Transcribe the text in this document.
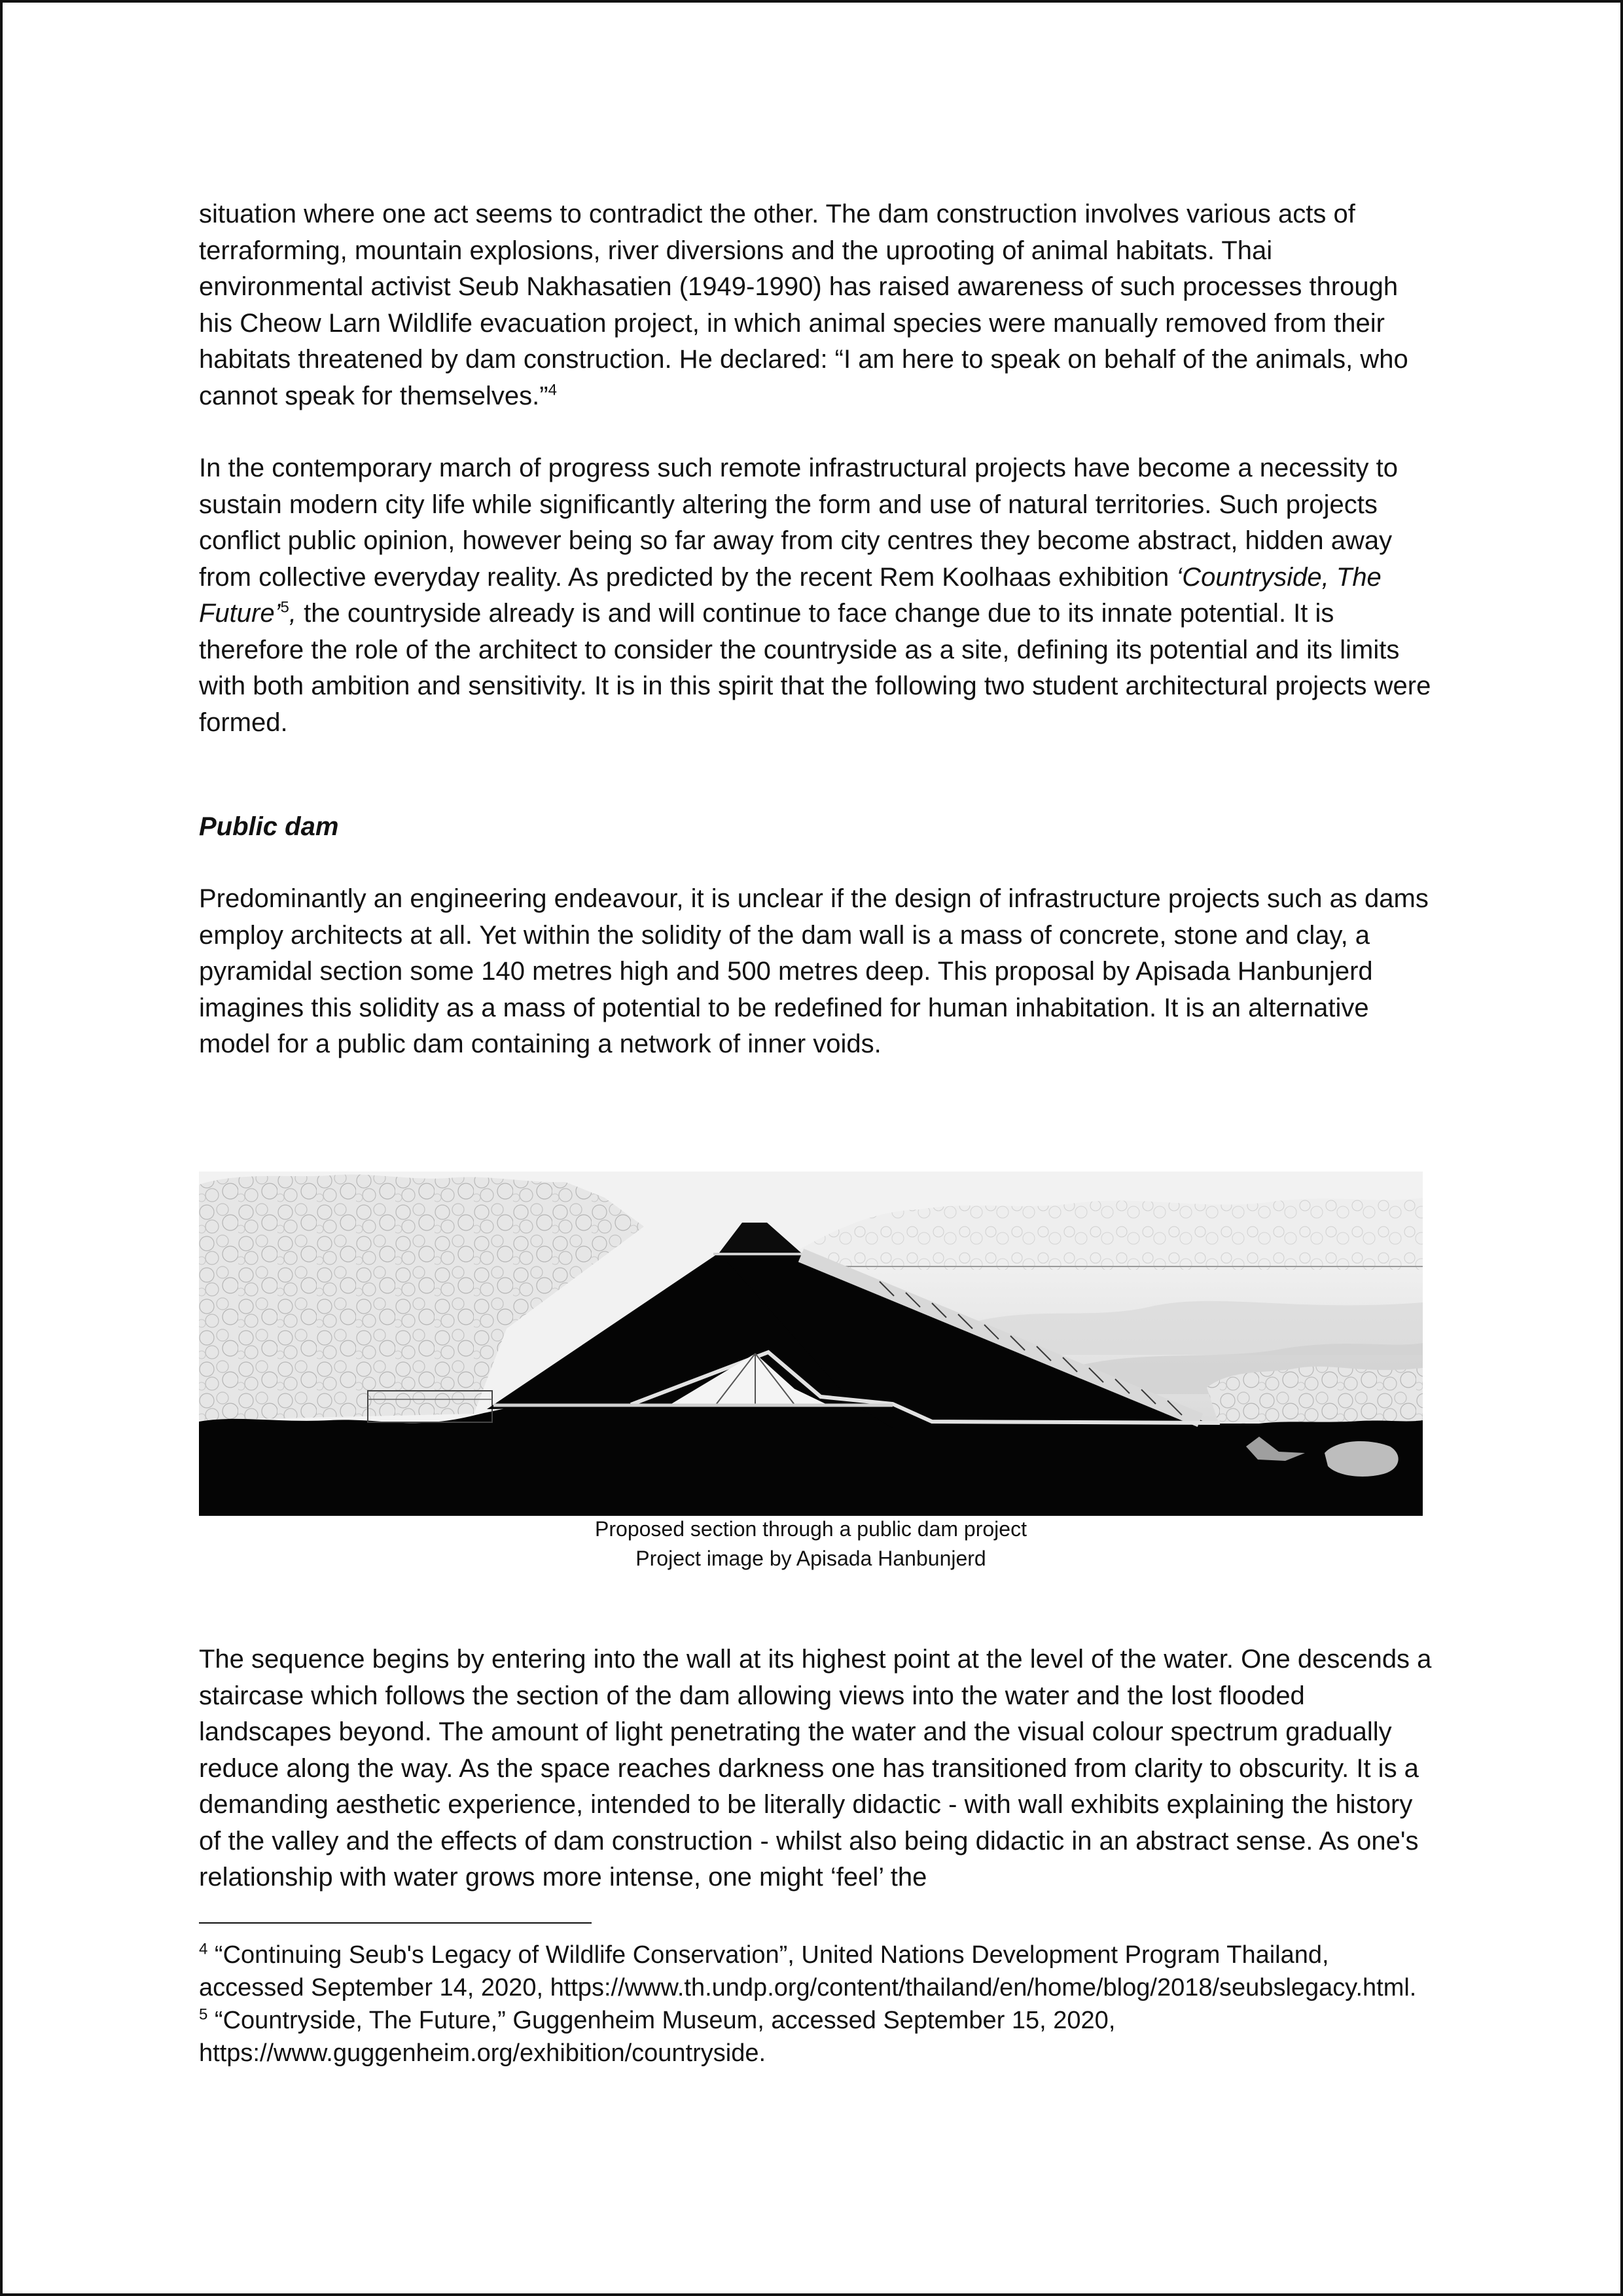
situation where one act seems to contradict the other. The dam construction involves various acts of terraforming, mountain explosions, river diversions and the uprooting of animal habitats. Thai environmental activist Seub Nakhasatien (1949-1990) has raised awareness of such processes through his Cheow Larn Wildlife evacuation project, in which animal species were manually removed from their habitats threatened by dam construction. He declared: “I am here to speak on behalf of the animals, who cannot speak for themselves.”$^4$

In the contemporary march of progress such remote infrastructural projects have become a necessity to sustain modern city life while significantly altering the form and use of natural territories. Such projects conflict public opinion, however being so far away from city centres they become abstract, hidden away from collective everyday reality. As predicted by the recent Rem Koolhaas exhibition ‘Countryside, The Future’$^5$, the countryside already is and will continue to face change due to its innate potential. It is therefore the role of the architect to consider the countryside as a site, defining its potential and its limits with both ambition and sensitivity. It is in this spirit that the following two student architectural projects were formed.

Public dam

Predominantly an engineering endeavour, it is unclear if the design of infrastructure projects such as dams employ architects at all. Yet within the solidity of the dam wall is a mass of concrete, stone and clay, a pyramidal section some 140 metres high and 500 metres deep. This proposal by Apisada Hanbunjerd imagines this solidity as a mass of potential to be redefined for human inhabitation. It is an alternative model for a public dam containing a network of inner voids.

Proposed section through a public dam project

Project image by Apisada Hanbunjerd

The sequence begins by entering into the wall at its highest point at the level of the water. One descends a staircase which follows the section of the dam allowing views into the water and the lost flooded landscapes beyond. The amount of light penetrating the water and the visual colour spectrum gradually reduce along the way. As the space reaches darkness one has transitioned from clarity to obscurity. It is a demanding aesthetic experience, intended to be literally didactic - with wall exhibits explaining the history of the valley and the effects of dam construction - whilst also being didactic in an abstract sense. As one's relationship with water grows more intense, one might ‘feel’ the

$^4$ “Continuing Seub's Legacy of Wildlife Conservation”, United Nations Development Program Thailand, accessed September 14, 2020, https://www.th.undp.org/content/thailand/en/home/blog/2018/seubslegacy.html.

$^5$ “Countryside, The Future,” Guggenheim Museum, accessed September 15, 2020, https://www.guggenheim.org/exhibition/countryside.
